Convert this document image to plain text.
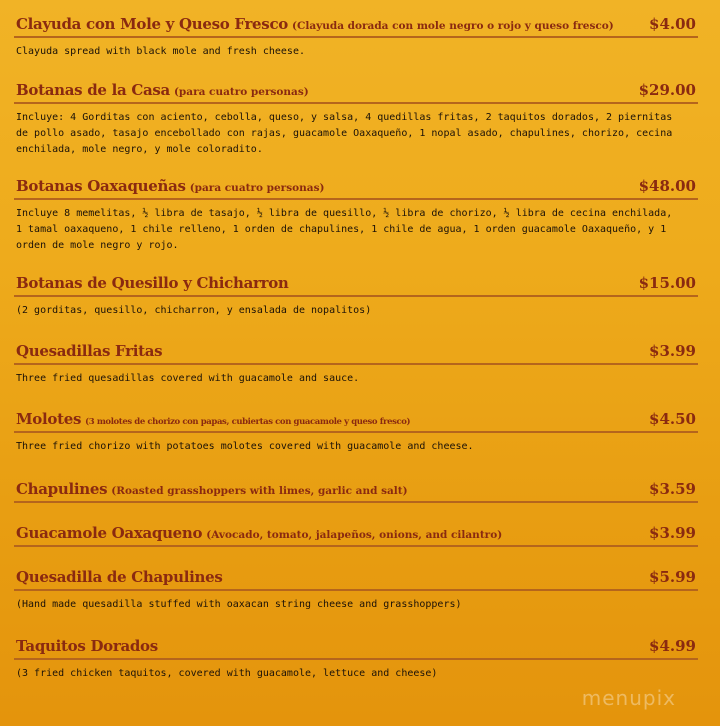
Clayuda con Mole y Queso Fresco (Clayuda dorada con mole negro o rojo y queso fresco) $4.00
Clayuda spread with black mole and fresh cheese.
Botanas de la Casa (para cuatro personas)	$29.00
Incluye: 4 Gorditas con aciento, cebolla, queso, y salsa, 4 quedillas fritas, 2 taquitos dorados, 2 piernitas de pollo asado, tasajo encebollado con rajas, guacamole Oaxaqueño, 1 nopal asado, chapulines, chorizo, cecina enchilada, mole negro, y mole coloradito.
Botanas Oaxaqueñas (para cuatro personas)	$48.00
Incluye 8 memelitas, ½ libra de tasajo, ½ libra de quesillo, ½ libra de chorizo, ½ libra de cecina enchilada, 1 tamal oaxaqueno, 1 chile relleno, 1 orden de chapulines, 1 chile de agua, 1 orden guacamole Oaxaqueño, y 1 orden de mole negro y rojo.
Botanas de Quesillo y Chicharron	$15.00
(2 gorditas, quesillo, chicharron, y ensalada de nopalitos)
Quesadillas Fritas	$3.99
Three fried quesadillas covered with guacamole and sauce.
Molotes (3 molotes de chorizo con papas, cubiertas con guacamole y queso fresco)	$4.50
Three fried chorizo with potatoes molotes covered with guacamole and cheese.
Chapulines (Roasted grasshoppers with limes, garlic and salt)	$3.59
Guacamole Oaxaqueno (Avocado, tomato, jalapeños, onions, and cilantro)	$3.99
Quesadilla de Chapulines	$5.99
(Hand made quesadilla stuffed with oaxacan string cheese and grasshoppers)
Taquitos Dorados	$4.99
(3 fried chicken taquitos, covered with guacamole, lettuce and cheese)
menupix
